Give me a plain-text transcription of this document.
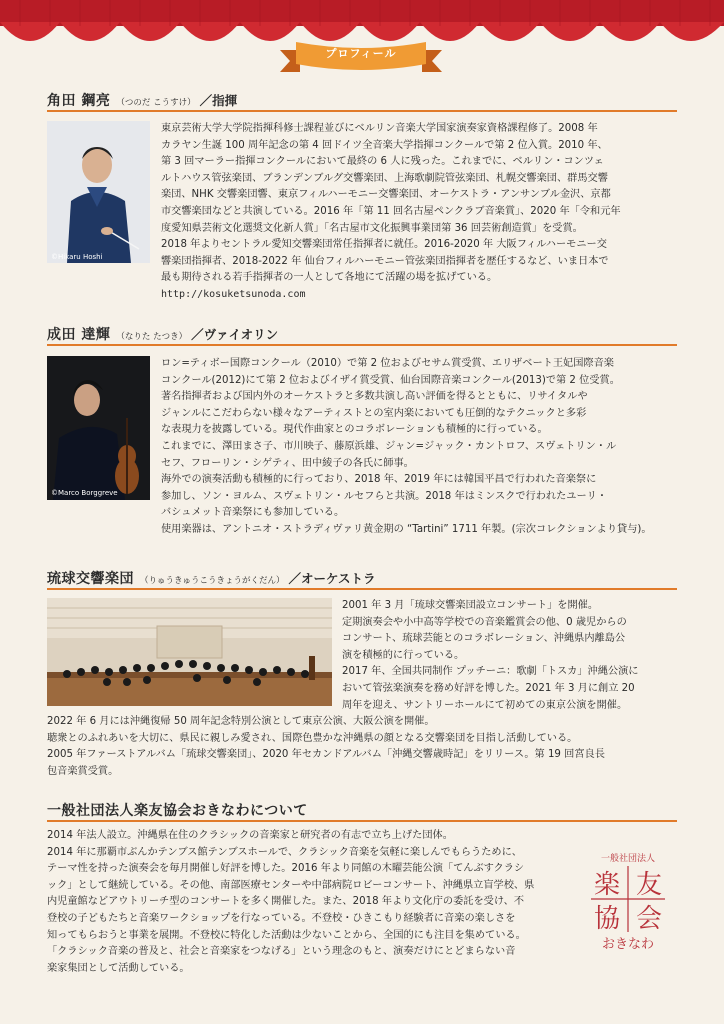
プロフィール
角田 鋼亮 （つのだ こうすけ） ／指揮
©Hikaru Hoshi

東京芸術大学大学院指揮科修士課程並びにベルリン音楽大学国家演奏家資格課程修了。2008 年

カラヤン生誕 100 周年記念の第 4 回ドイツ全音楽大学指揮コンクールで第 2 位入賞。2010 年、

第 3 回マーラー指揮コンクールにおいて最終の 6 人に残った。これまでに、ベルリン・コンツェ

ルトハウス管弦楽団、ブランデンブルグ交響楽団、上海歌劇院管弦楽団、札幌交響楽団、群馬交響

楽団、NHK 交響楽団響、東京フィルハーモニー交響楽団、オーケストラ・アンサンブル金沢、京都

市交響楽団などと共演している。2016 年「第 11 回名古屋ペンクラブ音楽賞」、2020 年「令和元年

度愛知県芸術文化選奨文化新人賞」「名古屋市文化振興事業団第 36 回芸術創造賞」を受賞。

2018 年よりセントラル愛知交響楽団常任指揮者に就任。2016-2020 年 大阪フィルハーモニー交

響楽団指揮者、2018-2022 年 仙台フィルハーモニー管弦楽団指揮者を歴任するなど、いま日本で

最も期待される若手指揮者の一人として各地にて活躍の場を拡げている。

http://kosuketsunoda.com

成田 達輝 （なりた たつき） ／ヴァイオリン
©Marco Borggreve

ロン=ティボー国際コンクール（2010）で第 2 位およびセサム賞受賞、エリザベート王妃国際音楽

コンクール(2012)にて第 2 位およびイザイ賞受賞、仙台国際音楽コンクール(2013)で第 2 位受賞。

著名指揮者および国内外のオーケストラと多数共演し高い評価を得るとともに、リサイタルや

ジャンルにこだわらない様々なアーティストとの室内楽においても圧倒的なテクニックと多彩

な表現力を披露している。現代作曲家とのコラボレーションも積極的に行っている。

これまでに、澤田まさ子、市川映子、藤原浜雄、ジャン=ジャック・カントロフ、スヴェトリン・ル

セフ、フローリン・シゲティ、田中綾子の各氏に師事。

海外での演奏活動も積極的に行っており、2018 年、2019 年には韓国平昌で行われた音楽祭に

参加し、ソン・ヨルム、スヴェトリン・ルセフらと共演。2018 年はミンスクで行われたユーリ・

バシュメット音楽祭にも参加している。

使用楽器は、アントニオ・ストラディヴァリ黄金期の “Tartini” 1711 年製。(宗次コレクションより貸与)。

琉球交響楽団 （りゅうきゅうこうきょうがくだん） ／オーケストラ

2001 年 3 月「琉球交響楽団設立コンサート」を開催。

定期演奏会や小中高等学校での音楽鑑賞会の他、0 歳児からの

コンサート、琉球芸能とのコラボレーション、沖縄県内離島公

演を積極的に行っている。

2017 年、全国共同制作 プッチーニ：歌劇「トスカ」沖縄公演に

おいて管弦楽演奏を務め好評を博した。2021 年 3 月に創立 20

周年を迎え、サントリーホールにて初めての東京公演を開催。

2022 年 6 月には沖縄復帰 50 周年記念特別公演として東京公演、大阪公演を開催。

聴衆とのふれあいを大切に、県民に親しみ愛され、国際色豊かな沖縄県の顔となる交響楽団を目指し活動している。

2005 年ファーストアルバム「琉球交響楽団」、2020 年セカンドアルバム「沖縄交響歳時記」をリリース。第 19 回宮良長

包音楽賞受賞。

一般社団法人楽友協会おきなわについて

2014 年法人設立。沖縄県在住のクラシックの音楽家と研究者の有志で立ち上げた団体。

2014 年に那覇市ぶんかテンブス館テンブスホールで、クラシック音楽を気軽に楽しんでもらうために、

テーマ性を持った演奏会を毎月開催し好評を博した。2016 年より同館の木曜芸能公演「てんぶすクラシ

ック」として継続している。その他、南部医療センターや中部病院ロビーコンサート、沖縄県立盲学校、県

内児童館などアウトリーチ型のコンサートを多く開催した。また、2018 年より文化庁の委託を受け、不

登校の子どもたちと音楽ワークショップを行なっている。不登校・ひきこもり経験者に音楽の楽しさを

知ってもらおうと事業を展開。不登校に特化した活動は少ないことから、全国的にも注目を集めている。

「クラシック音楽の普及と、社会と音楽家をつなげる」という理念のもと、演奏だけにとどまらない音

楽家集団として活動している。

一般社団法人
楽 友
協 会
おきなわ
